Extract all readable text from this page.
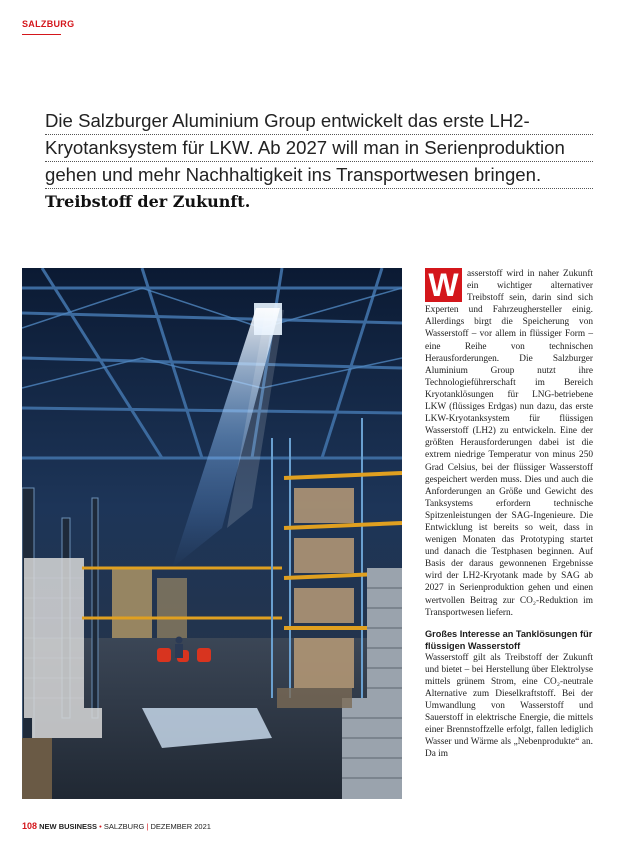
SALZBURG
Die Salzburger Aluminium Group entwickelt das erste LH2-
Kryotanksystem für LKW. Ab 2027 will man in Serienproduktion
gehen und mehr Nachhaltigkeit ins Transportwesen bringen.
Treibstoff der Zukunft.
W asserstoff wird in naher Zukunft ein wichtiger alternativer Treibstoff sein, darin sind sich Experten und Fahrzeughersteller einig. Allerdings birgt die Speicherung von Wasserstoff – vor allem in flüssiger Form – eine Reihe von technischen Herausforderungen. Die Salzburger Aluminium Group nutzt ihre Technologieführerschaft im Bereich Kryotanklösungen für LNG-betriebene LKW (flüssiges Erdgas) nun dazu, das erste LKW-Kryotanksystem für flüssigen Wasserstoff (LH2) zu entwickeln. Eine der größten Herausforderungen dabei ist die extrem niedrige Temperatur von minus 250 Grad Celsius, bei der flüssiger Wasserstoff gespeichert werden muss. Dies und auch die Anforderungen an Größe und Gewicht des Tanksystems erfordern technische Spitzenleistungen der SAG-Ingenieure. Die Entwicklung ist bereits so weit, dass in wenigen Monaten das Prototyping startet und danach die Testphasen beginnen. Auf Basis der daraus gewonnenen Ergebnisse wird der LH2-Kryotank made by SAG ab 2027 in Serienproduktion gehen und einen wertvollen Beitrag zur CO₂-Reduktion im Transportwesen liefern.

Großes Interesse an Tanklösungen für flüssigen Wasserstoff

Wasserstoff gilt als Treibstoff der Zukunft und bietet – bei Herstellung über Elektrolyse mittels grünem Strom, eine CO₂-neutrale Alternative zum Dieselkraftstoff. Bei der Umwandlung von Wasserstoff und Sauerstoff in elektrische Energie, die mittels einer Brennstoffzelle erfolgt, fallen lediglich Wasser und Wärme als „Nebenprodukte“ an. Da im

108 NEW BUSINESS • SALZBURG | DEZEMBER 2021
